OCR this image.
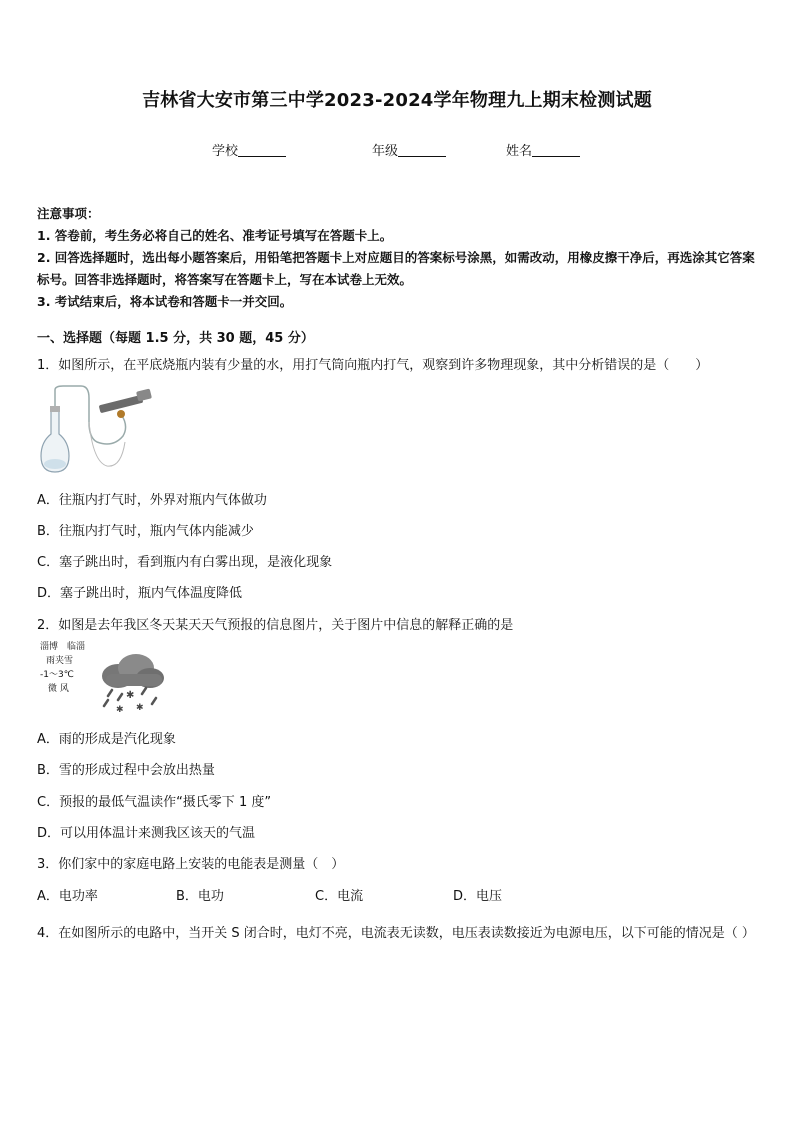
吉林省大安市第三中学2023-2024学年物理九上期末检测试题
学校	年级	姓名

注意事项：

1. 答卷前，考生务必将自己的姓名、准考证号填写在答题卡上。

2. 回答选择题时，选出每小题答案后，用铅笔把答题卡上对应题目的答案标号涂黑，如需改动，用橡皮擦干净后，再选涂其它答案标号。回答非选择题时，将答案写在答题卡上，写在本试卷上无效。

3. 考试结束后，将本试卷和答题卡一并交回。

一、选择题（每题 1.5 分，共 30 题，45 分）
1．如图所示，在平底烧瓶内装有少量的水，用打气筒向瓶内打气，观察到许多物理现象，其中分析错误的是（　　）
A．往瓶内打气时，外界对瓶内气体做功
B．往瓶内打气时，瓶内气体内能减少
C．塞子跳出时，看到瓶内有白雾出现，是液化现象
D．塞子跳出时，瓶内气体温度降低
2．如图是去年我区冬天某天天气预报的信息图片，关于图片中信息的解释正确的是
淄博　临淄
雨夹雪
-1～3℃
微 风
✱
✱ ✱
A．雨的形成是汽化现象
B．雪的形成过程中会放出热量
C．预报的最低气温读作“摄氏零下 1 度”
D．可以用体温计来测我区该天的气温
3．你们家中的家庭电路上安装的电能表是测量（　）
A．电功率	B．电功	C．电流	D．电压
4．在如图所示的电路中，当开关 S 闭合时，电灯不亮，电流表无读数，电压表读数接近为电源电压，以下可能的情况是（ ）
